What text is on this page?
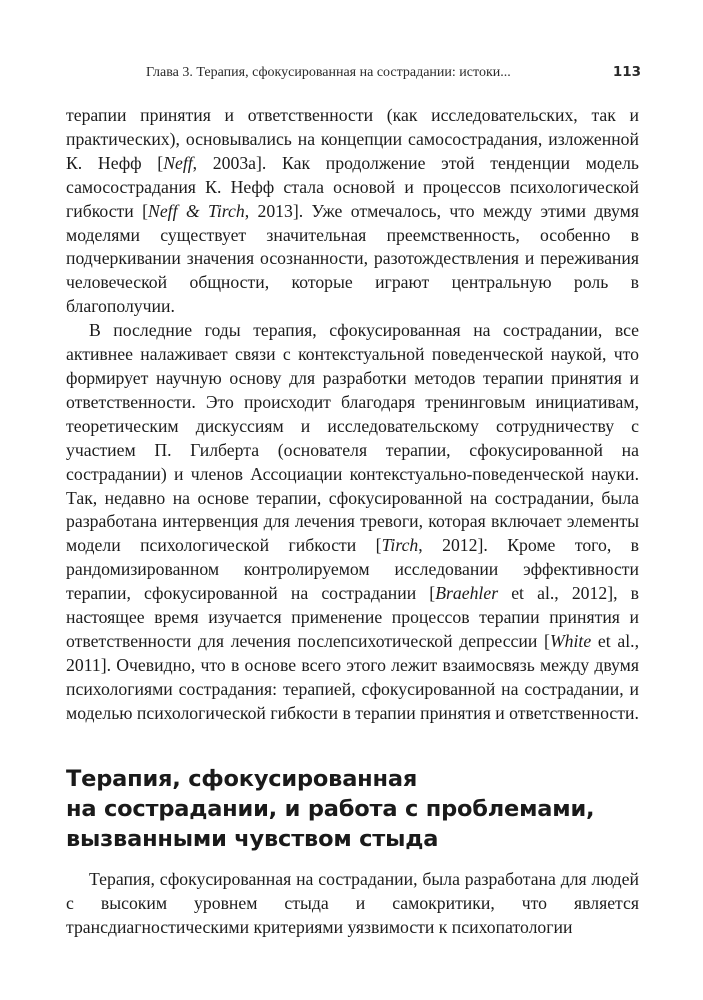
Глава 3. Терапия, сфокусированная на сострадании: истоки...	113

терапии принятия и ответственности (как исследовательских, так и практических), основывались на концепции самосострадания, изложенной К. Нефф [Neff, 2003a]. Как продолжение этой тенденции модель самосострадания К. Нефф стала основой и процессов психологической гибкости [Neff & Tirch, 2013]. Уже отмечалось, что между этими двумя моделями существует значительная преемственность, особенно в подчеркивании значения осознанности, разотождествления и переживания человеческой общности, которые играют центральную роль в благополучии.

В последние годы терапия, сфокусированная на сострадании, все активнее налаживает связи с контекстуальной поведенческой наукой, что формирует научную основу для разработки методов терапии принятия и ответственности. Это происходит благодаря тренинговым инициативам, теоретическим дискуссиям и исследовательскому сотрудничеству с участием П. Гилберта (основателя терапии, сфокусированной на сострадании) и членов Ассоциации контекстуально-поведенческой науки. Так, недавно на основе терапии, сфокусированной на сострадании, была разработана интервенция для лечения тревоги, которая включает элементы модели психологической гибкости [Tirch, 2012]. Кроме того, в рандомизированном контролируемом исследовании эффективности терапии, сфокусированной на сострадании [Braehler et al., 2012], в настоящее время изучается применение процессов терапии принятия и ответственности для лечения послепсихотической депрессии [White et al., 2011]. Очевидно, что в основе всего этого лежит взаимосвязь между двумя психологиями сострадания: терапией, сфокусированной на сострадании, и моделью психологической гибкости в терапии принятия и ответственности.

Терапия, сфокусированная
на сострадании, и работа с проблемами,
вызванными чувством стыда

Терапия, сфокусированная на сострадании, была разработана для людей с высоким уровнем стыда и самокритики, что является трансдиагностическими критериями уязвимости к психопатологии
